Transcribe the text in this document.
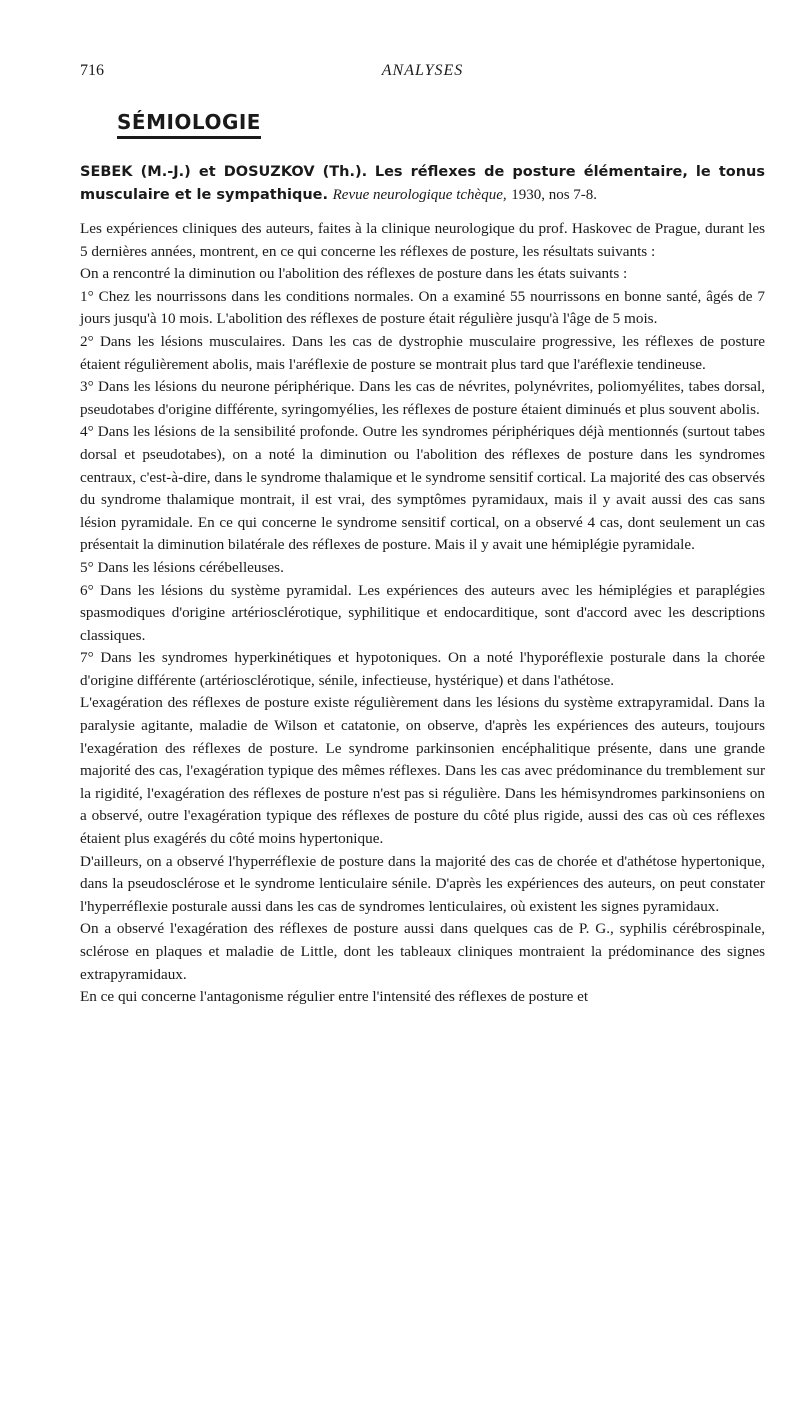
716	ANALYSES
SÉMIOLOGIE
SEBEK (M.-J.) et DOSUZKOV (Th.). Les réflexes de posture élémentaire, le tonus musculaire et le sympathique. Revue neurologique tchèque, 1930, nos 7-8.

Les expériences cliniques des auteurs, faites à la clinique neurologique du prof. Haskovec de Prague, durant les 5 dernières années, montrent, en ce qui concerne les réflexes de posture, les résultats suivants :

On a rencontré la diminution ou l'abolition des réflexes de posture dans les états suivants :

1° Chez les nourrissons dans les conditions normales. On a examiné 55 nourrissons en bonne santé, âgés de 7 jours jusqu'à 10 mois. L'abolition des réflexes de posture était régulière jusqu'à l'âge de 5 mois.

2° Dans les lésions musculaires. Dans les cas de dystrophie musculaire progressive, les réflexes de posture étaient régulièrement abolis, mais l'aréflexie de posture se montrait plus tard que l'aréflexie tendineuse.

3° Dans les lésions du neurone périphérique. Dans les cas de névrites, polynévrites, poliomyélites, tabes dorsal, pseudotabes d'origine différente, syringomyélies, les réflexes de posture étaient diminués et plus souvent abolis.

4° Dans les lésions de la sensibilité profonde. Outre les syndromes périphériques déjà mentionnés (surtout tabes dorsal et pseudotabes), on a noté la diminution ou l'abolition des réflexes de posture dans les syndromes centraux, c'est-à-dire, dans le syndrome thalamique et le syndrome sensitif cortical. La majorité des cas observés du syndrome thalamique montrait, il est vrai, des symptômes pyramidaux, mais il y avait aussi des cas sans lésion pyramidale. En ce qui concerne le syndrome sensitif cortical, on a observé 4 cas, dont seulement un cas présentait la diminution bilatérale des réflexes de posture. Mais il y avait une hémiplégie pyramidale.

5° Dans les lésions cérébelleuses.

6° Dans les lésions du système pyramidal. Les expériences des auteurs avec les hémiplégies et paraplégies spasmodiques d'origine artériosclérotique, syphilitique et endocarditique, sont d'accord avec les descriptions classiques.

7° Dans les syndromes hyperkinétiques et hypotoniques. On a noté l'hyporéflexie posturale dans la chorée d'origine différente (artériosclérotique, sénile, infectieuse, hystérique) et dans l'athétose.

L'exagération des réflexes de posture existe régulièrement dans les lésions du système extrapyramidal. Dans la paralysie agitante, maladie de Wilson et catatonie, on observe, d'après les expériences des auteurs, toujours l'exagération des réflexes de posture. Le syndrome parkinsonien encéphalitique présente, dans une grande majorité des cas, l'exagération typique des mêmes réflexes. Dans les cas avec prédominance du tremblement sur la rigidité, l'exagération des réflexes de posture n'est pas si régulière. Dans les hémisyndromes parkinsoniens on a observé, outre l'exagération typique des réflexes de posture du côté plus rigide, aussi des cas où ces réflexes étaient plus exagérés du côté moins hypertonique.

D'ailleurs, on a observé l'hyperréflexie de posture dans la majorité des cas de chorée et d'athétose hypertonique, dans la pseudosclérose et le syndrome lenticulaire sénile. D'après les expériences des auteurs, on peut constater l'hyperréflexie posturale aussi dans les cas de syndromes lenticulaires, où existent les signes pyramidaux.

On a observé l'exagération des réflexes de posture aussi dans quelques cas de P. G., syphilis cérébrospinale, sclérose en plaques et maladie de Little, dont les tableaux cliniques montraient la prédominance des signes extrapyramidaux.

En ce qui concerne l'antagonisme régulier entre l'intensité des réflexes de posture et
